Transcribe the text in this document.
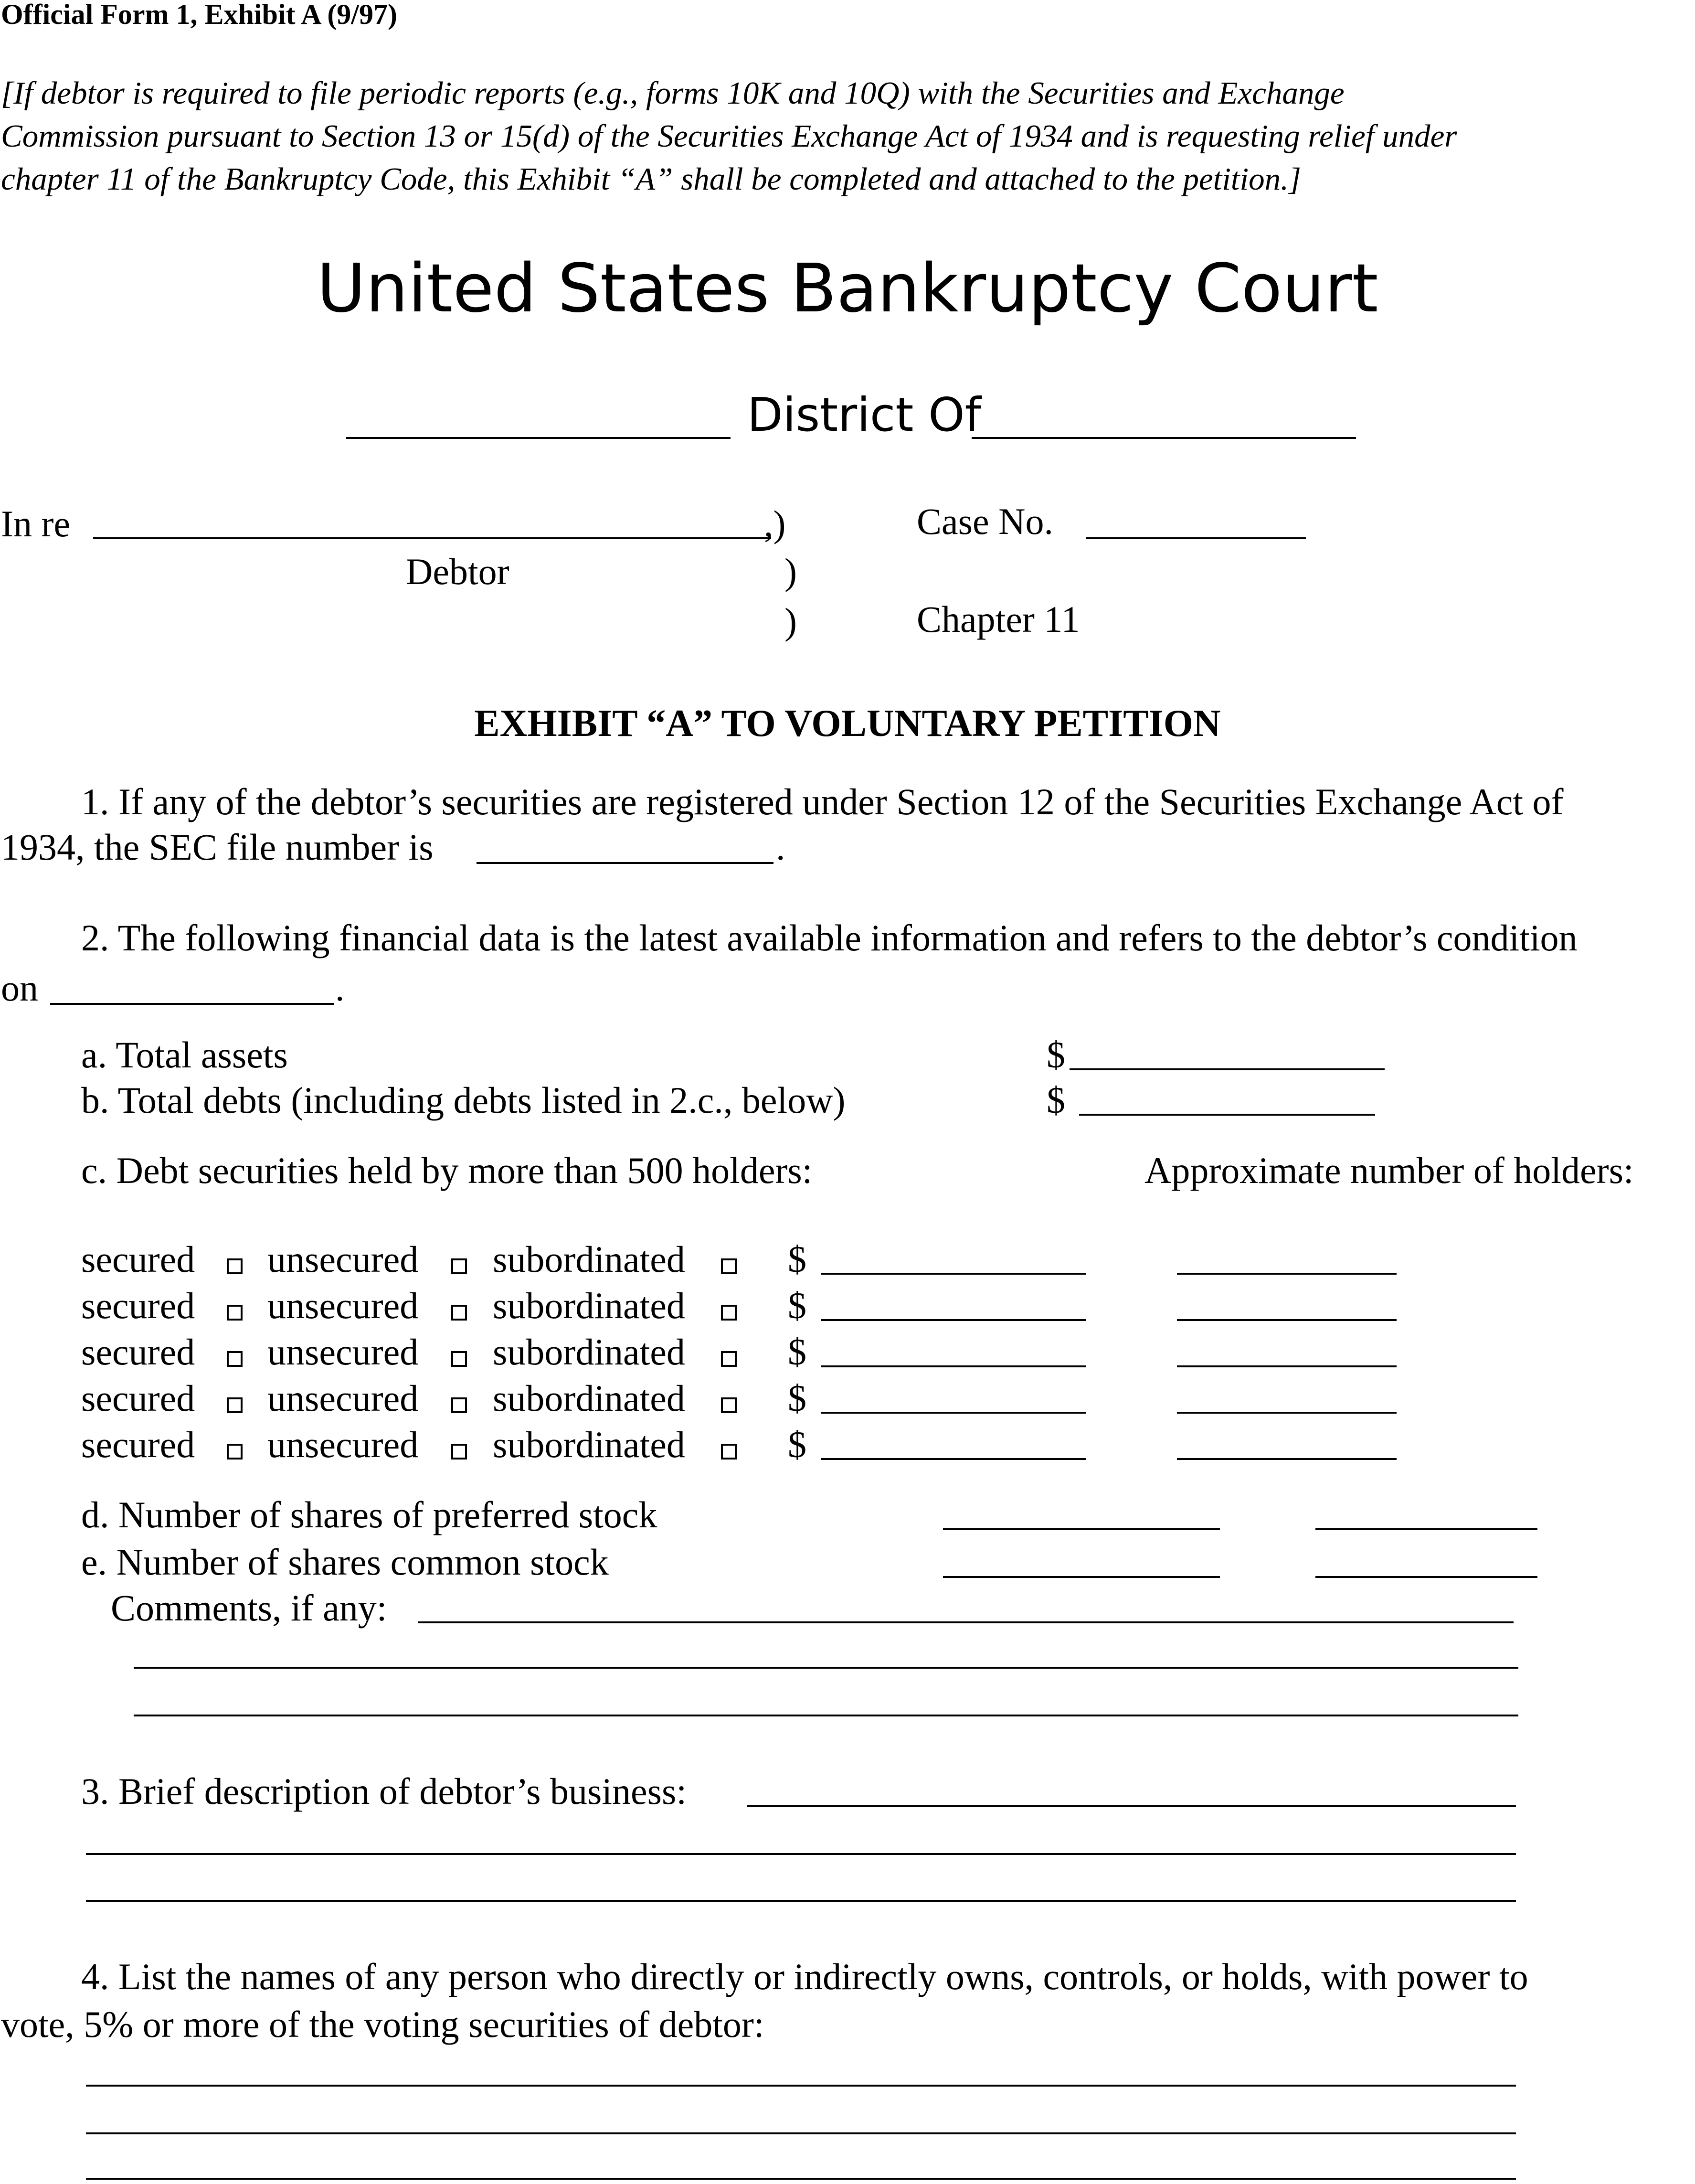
Official Form 1, Exhibit A (9/97)
[If debtor is required to file periodic reports (e.g., forms 10K and 10Q) with the Securities and Exchange
Commission pursuant to Section 13 or 15(d) of the Securities Exchange Act of 1934 and is requesting relief under
chapter 11 of the Bankruptcy Code, this Exhibit “A” shall be completed and attached to the petition.]
United States Bankruptcy Court
District Of
In re	,)
Debtor	)
)
Case No.
Chapter 11
EXHIBIT “A” TO VOLUNTARY PETITION
1. If any of the debtor’s securities are registered under Section 12 of the Securities Exchange Act of
1934, the SEC file number is	.
2. The following financial data is the latest available information and refers to the debtor’s condition
on	.
a. Total assets	$
b. Total debts (including debts listed in 2.c., below)	$
c. Debt securities held by more than 500 holders:	Approximate number of holders:
secured unsecured subordinated	$
secured unsecured subordinated	$
secured unsecured subordinated	$
secured unsecured subordinated	$
secured unsecured subordinated	$
d. Number of shares of preferred stock
e. Number of shares common stock
Comments, if any:
3. Brief description of debtor’s business:
4. List the names of any person who directly or indirectly owns, controls, or holds, with power to
vote, 5% or more of the voting securities of debtor:
